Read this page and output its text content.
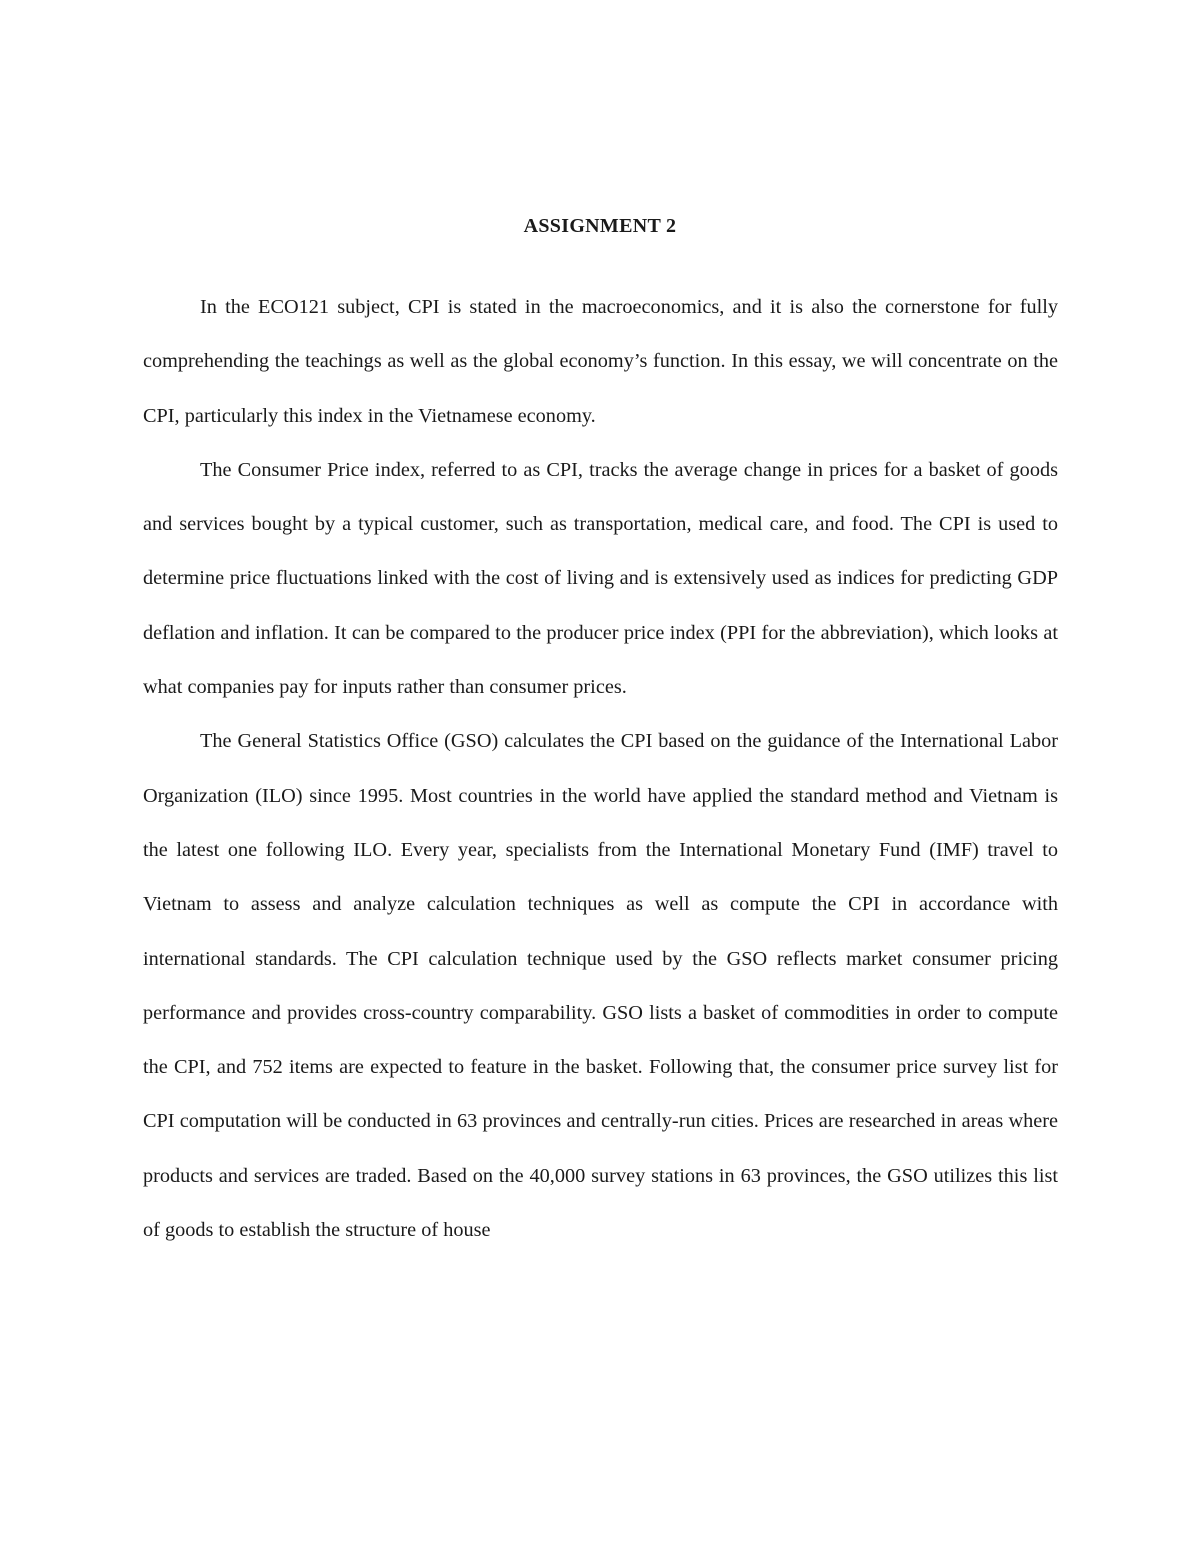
ASSIGNMENT 2

In the ECO121 subject, CPI is stated in the macroeconomics, and it is also the cornerstone for fully comprehending the teachings as well as the global economy’s function. In this essay, we will concentrate on the CPI, particularly this index in the Vietnamese economy.

The Consumer Price index, referred to as CPI, tracks the average change in prices for a basket of goods and services bought by a typical customer, such as transportation, medical care, and food. The CPI is used to determine price fluctuations linked with the cost of living and is extensively used as indices for predicting GDP deflation and inflation. It can be compared to the producer price index (PPI for the abbreviation), which looks at what companies pay for inputs rather than consumer prices.

The General Statistics Office (GSO) calculates the CPI based on the guidance of the International Labor Organization (ILO) since 1995. Most countries in the world have applied the standard method and Vietnam is the latest one following ILO. Every year, specialists from the International Monetary Fund (IMF) travel to Vietnam to assess and analyze calculation techniques as well as compute the CPI in accordance with international standards. The CPI calculation technique used by the GSO reflects market consumer pricing performance and provides cross-country comparability. GSO lists a basket of commodities in order to compute the CPI, and 752 items are expected to feature in the basket. Following that, the consumer price survey list for CPI computation will be conducted in 63 provinces and centrally-run cities. Prices are researched in areas where products and services are traded. Based on the 40,000 survey stations in 63 provinces, the GSO utilizes this list of goods to establish the structure of house
